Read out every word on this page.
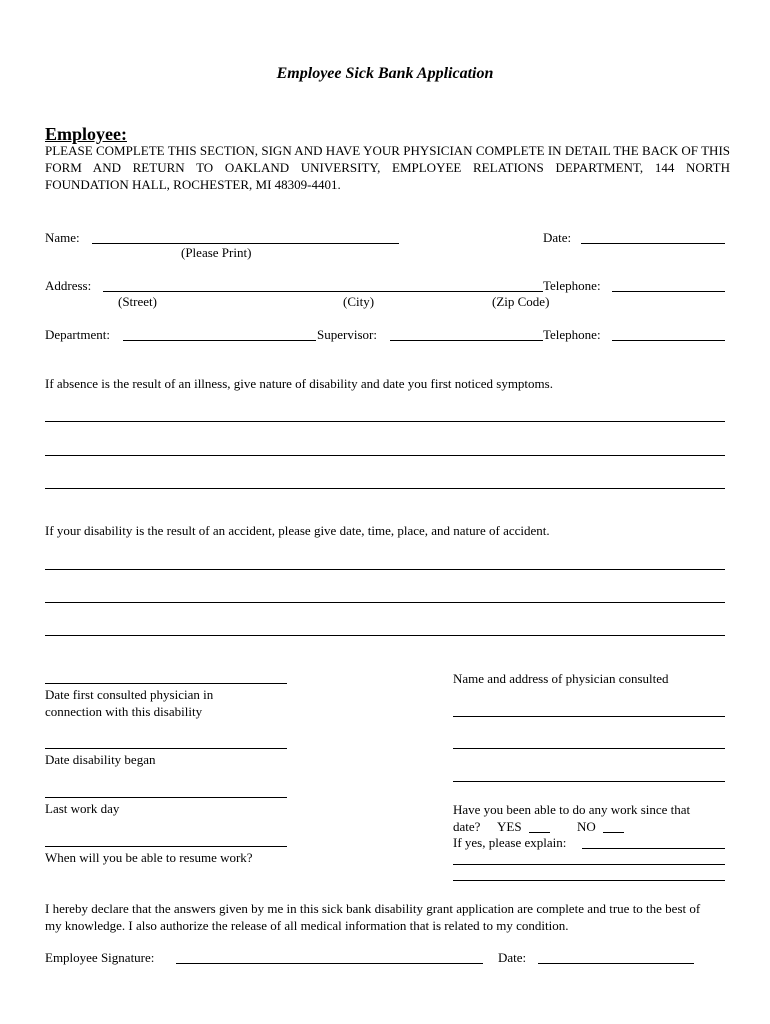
Employee Sick Bank Application
Employee:
PLEASE COMPLETE THIS SECTION, SIGN AND HAVE YOUR PHYSICIAN COMPLETE IN DETAIL THE BACK OF THIS FORM AND RETURN TO OAKLAND UNIVERSITY, EMPLOYEE RELATIONS DEPARTMENT, 144 NORTH FOUNDATION HALL, ROCHESTER, MI 48309-4401.
Name:
(Please Print)
Date:
Address:
(Street)	(City)	(Zip Code)
Telephone:
Department:	Supervisor:	Telephone:
If absence is the result of an illness, give nature of disability and date you first noticed symptoms.
If your disability is the result of an accident, please give date, time, place, and nature of accident.
Date first consulted physician in
connection with this disability
Date disability began
Last work day
When will you be able to resume work?
Name and address of physician consulted
Have you been able to do any work since that
date? YES	NO
If yes, please explain:
I hereby declare that the answers given by me in this sick bank disability grant application are complete and true to the best of my knowledge. I also authorize the release of all medical information that is related to my condition.
Employee Signature:	Date:
